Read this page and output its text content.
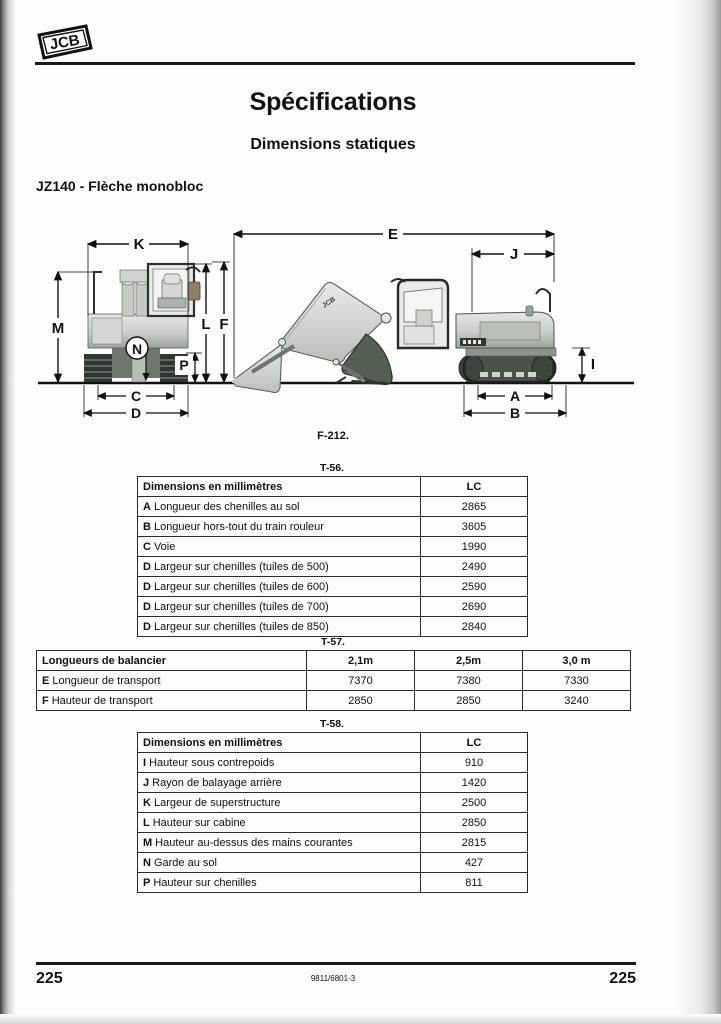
JCB
Spécifications
Dimensions statiques
JZ140 - Flèche monobloc
K
M	L F
N
P
C
D
JCB
E
J
I
A
B
F-212.
T-56.
Dimensions en millimètres	LC
A Longueur des chenilles au sol	2865
B Longueur hors-tout du train rouleur	3605
C Voie	1990
D Largeur sur chenilles (tuiles de 500)	2490
D Largeur sur chenilles (tuiles de 600)	2590
D Largeur sur chenilles (tuiles de 700)	2690
D Largeur sur chenilles (tuiles de 850)	2840
T-57.
Longueurs de balancier	2,1m	2,5m	3,0 m
E Longueur de transport	7370	7380	7330
F Hauteur de transport	2850	2850	3240
T-58.
Dimensions en millimètres	LC
I Hauteur sous contrepoids	910
J Rayon de balayage arrière	1420
K Largeur de superstructure	2500
L Hauteur sur cabine	2850
M Hauteur au-dessus des mains courantes	2815
N Garde au sol	427
P Hauteur sur chenilles	811
225	9811/6801-3	225
